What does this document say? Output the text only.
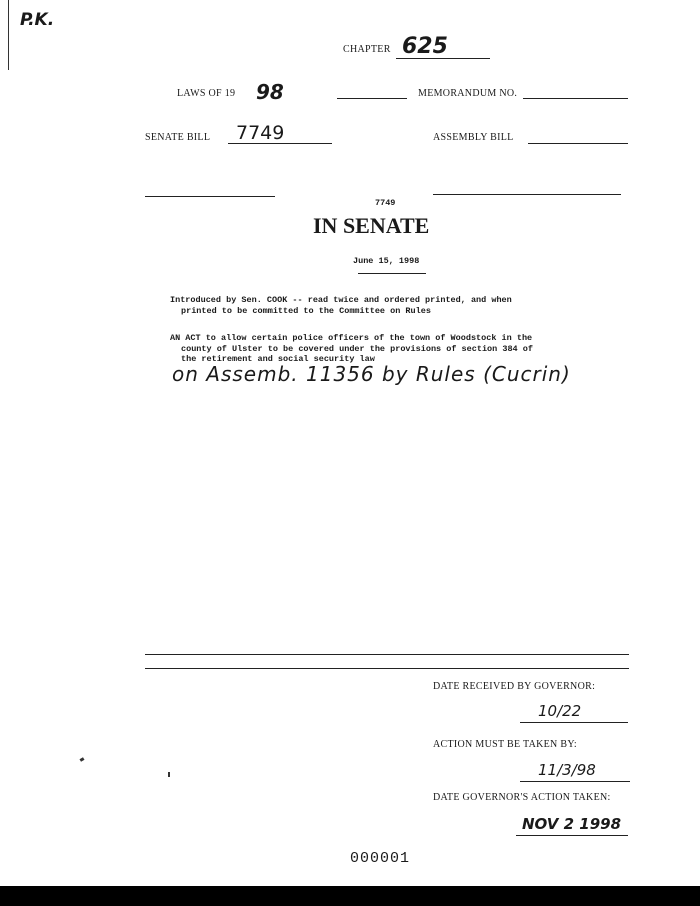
P.K.
CHAPTER 625
LAWS OF 19 98	MEMORANDUM NO.
SENATE BILL 7749	ASSEMBLY BILL
7749
IN SENATE
June 15, 1998
Introduced by Sen. COOK -- read twice and ordered printed, and when
printed to be committed to the Committee on Rules
AN ACT to allow certain police officers of the town of Woodstock in the
county of Ulster to be covered under the provisions of section 384 of
the retirement and social security law
on Assemb. 11356 by Rules (Cucrin)
DATE RECEIVED BY GOVERNOR:
10/22
ACTION MUST BE TAKEN BY:
11/3/98
DATE GOVERNOR'S ACTION TAKEN:
NOV 2 1998
000001
